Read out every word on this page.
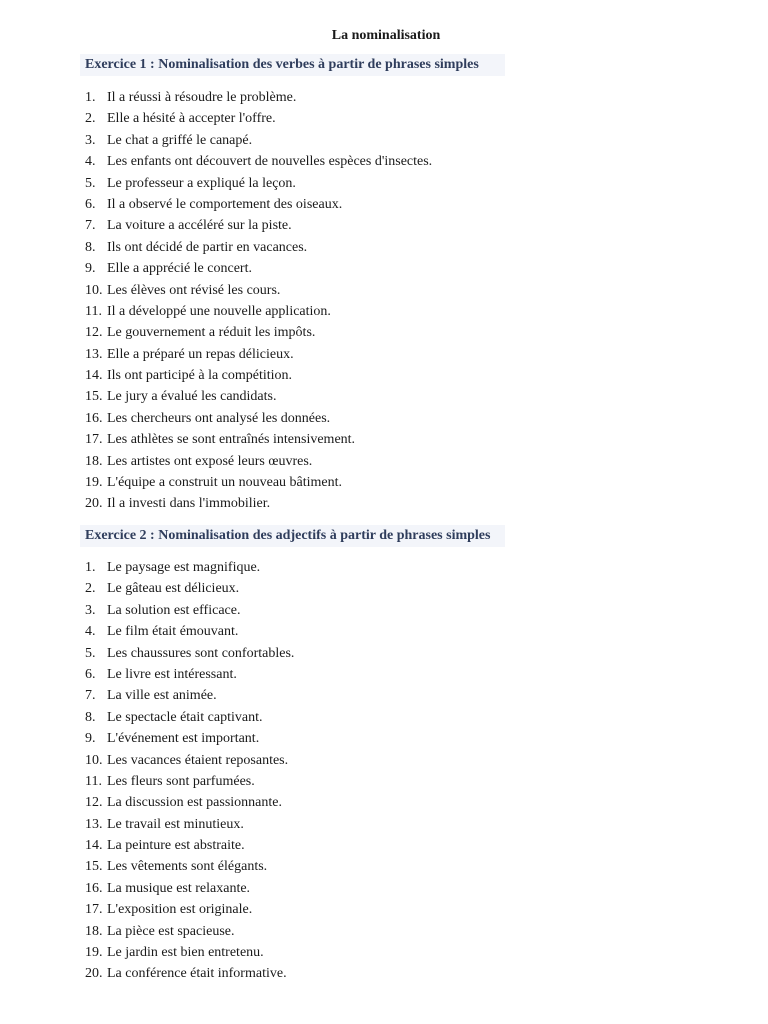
La nominalisation
Exercice 1 : Nominalisation des verbes à partir de phrases simples
1. Il a réussi à résoudre le problème.
2. Elle a hésité à accepter l'offre.
3. Le chat a griffé le canapé.
4. Les enfants ont découvert de nouvelles espèces d'insectes.
5. Le professeur a expliqué la leçon.
6. Il a observé le comportement des oiseaux.
7. La voiture a accéléré sur la piste.
8. Ils ont décidé de partir en vacances.
9. Elle a apprécié le concert.
10. Les élèves ont révisé les cours.
11. Il a développé une nouvelle application.
12. Le gouvernement a réduit les impôts.
13. Elle a préparé un repas délicieux.
14. Ils ont participé à la compétition.
15. Le jury a évalué les candidats.
16. Les chercheurs ont analysé les données.
17. Les athlètes se sont entraînés intensivement.
18. Les artistes ont exposé leurs œuvres.
19. L'équipe a construit un nouveau bâtiment.
20. Il a investi dans l'immobilier.
Exercice 2 : Nominalisation des adjectifs à partir de phrases simples
1. Le paysage est magnifique.
2. Le gâteau est délicieux.
3. La solution est efficace.
4. Le film était émouvant.
5. Les chaussures sont confortables.
6. Le livre est intéressant.
7. La ville est animée.
8. Le spectacle était captivant.
9. L'événement est important.
10. Les vacances étaient reposantes.
11. Les fleurs sont parfumées.
12. La discussion est passionnante.
13. Le travail est minutieux.
14. La peinture est abstraite.
15. Les vêtements sont élégants.
16. La musique est relaxante.
17. L'exposition est originale.
18. La pièce est spacieuse.
19. Le jardin est bien entretenu.
20. La conférence était informative.
